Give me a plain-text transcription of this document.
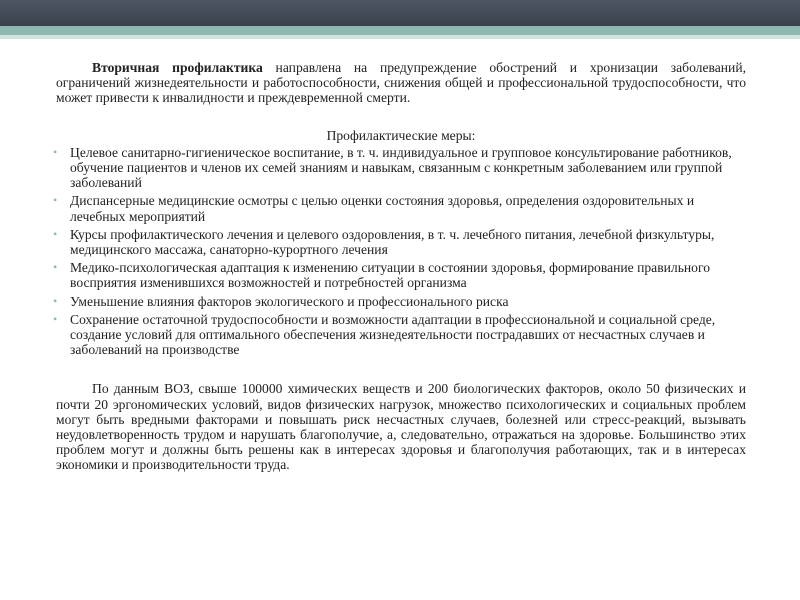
Вторичная профилактика направлена на предупреждение обострений и хронизации заболеваний, ограничений жизнедеятельности и работоспособности, снижения общей и профессиональной трудоспособности, что может привести к инвалидности и преждевременной смерти.

Профилактические меры:

• Целевое санитарно-гигиеническое воспитание, в т. ч. индивидуальное и групповое консультирование работников, обучение пациентов и членов их семей знаниям и навыкам, связанным с конкретным заболеванием или группой заболеваний
• Диспансерные медицинские осмотры с целью оценки состояния здоровья, определения оздоровительных и лечебных мероприятий
• Курсы профилактического лечения и целевого оздоровления, в т. ч. лечебного питания, лечебной физкультуры, медицинского массажа, санаторно-курортного лечения
• Медико-психологическая адаптация к изменению ситуации в состоянии здоровья, формирование правильного восприятия изменившихся возможностей и потребностей организма
• Уменьшение влияния факторов экологического и профессионального риска
• Сохранение остаточной трудоспособности и возможности адаптации в профессиональной и социальной среде, создание условий для оптимального обеспечения жизнедеятельности пострадавших от несчастных случаев и заболеваний на производстве

По данным ВОЗ, свыше 100000 химических веществ и 200 биологических факторов, около 50 физических и почти 20 эргономических условий, видов физических нагрузок, множество психологических и социальных проблем могут быть вредными факторами и повышать риск несчастных случаев, болезней или стресс-реакций, вызывать неудовлетворенность трудом и нарушать благополучие, а, следовательно, отражаться на здоровье. Большинство этих проблем могут и должны быть решены как в интересах здоровья и благополучия работающих, так и в интересах экономики и производительности труда.
